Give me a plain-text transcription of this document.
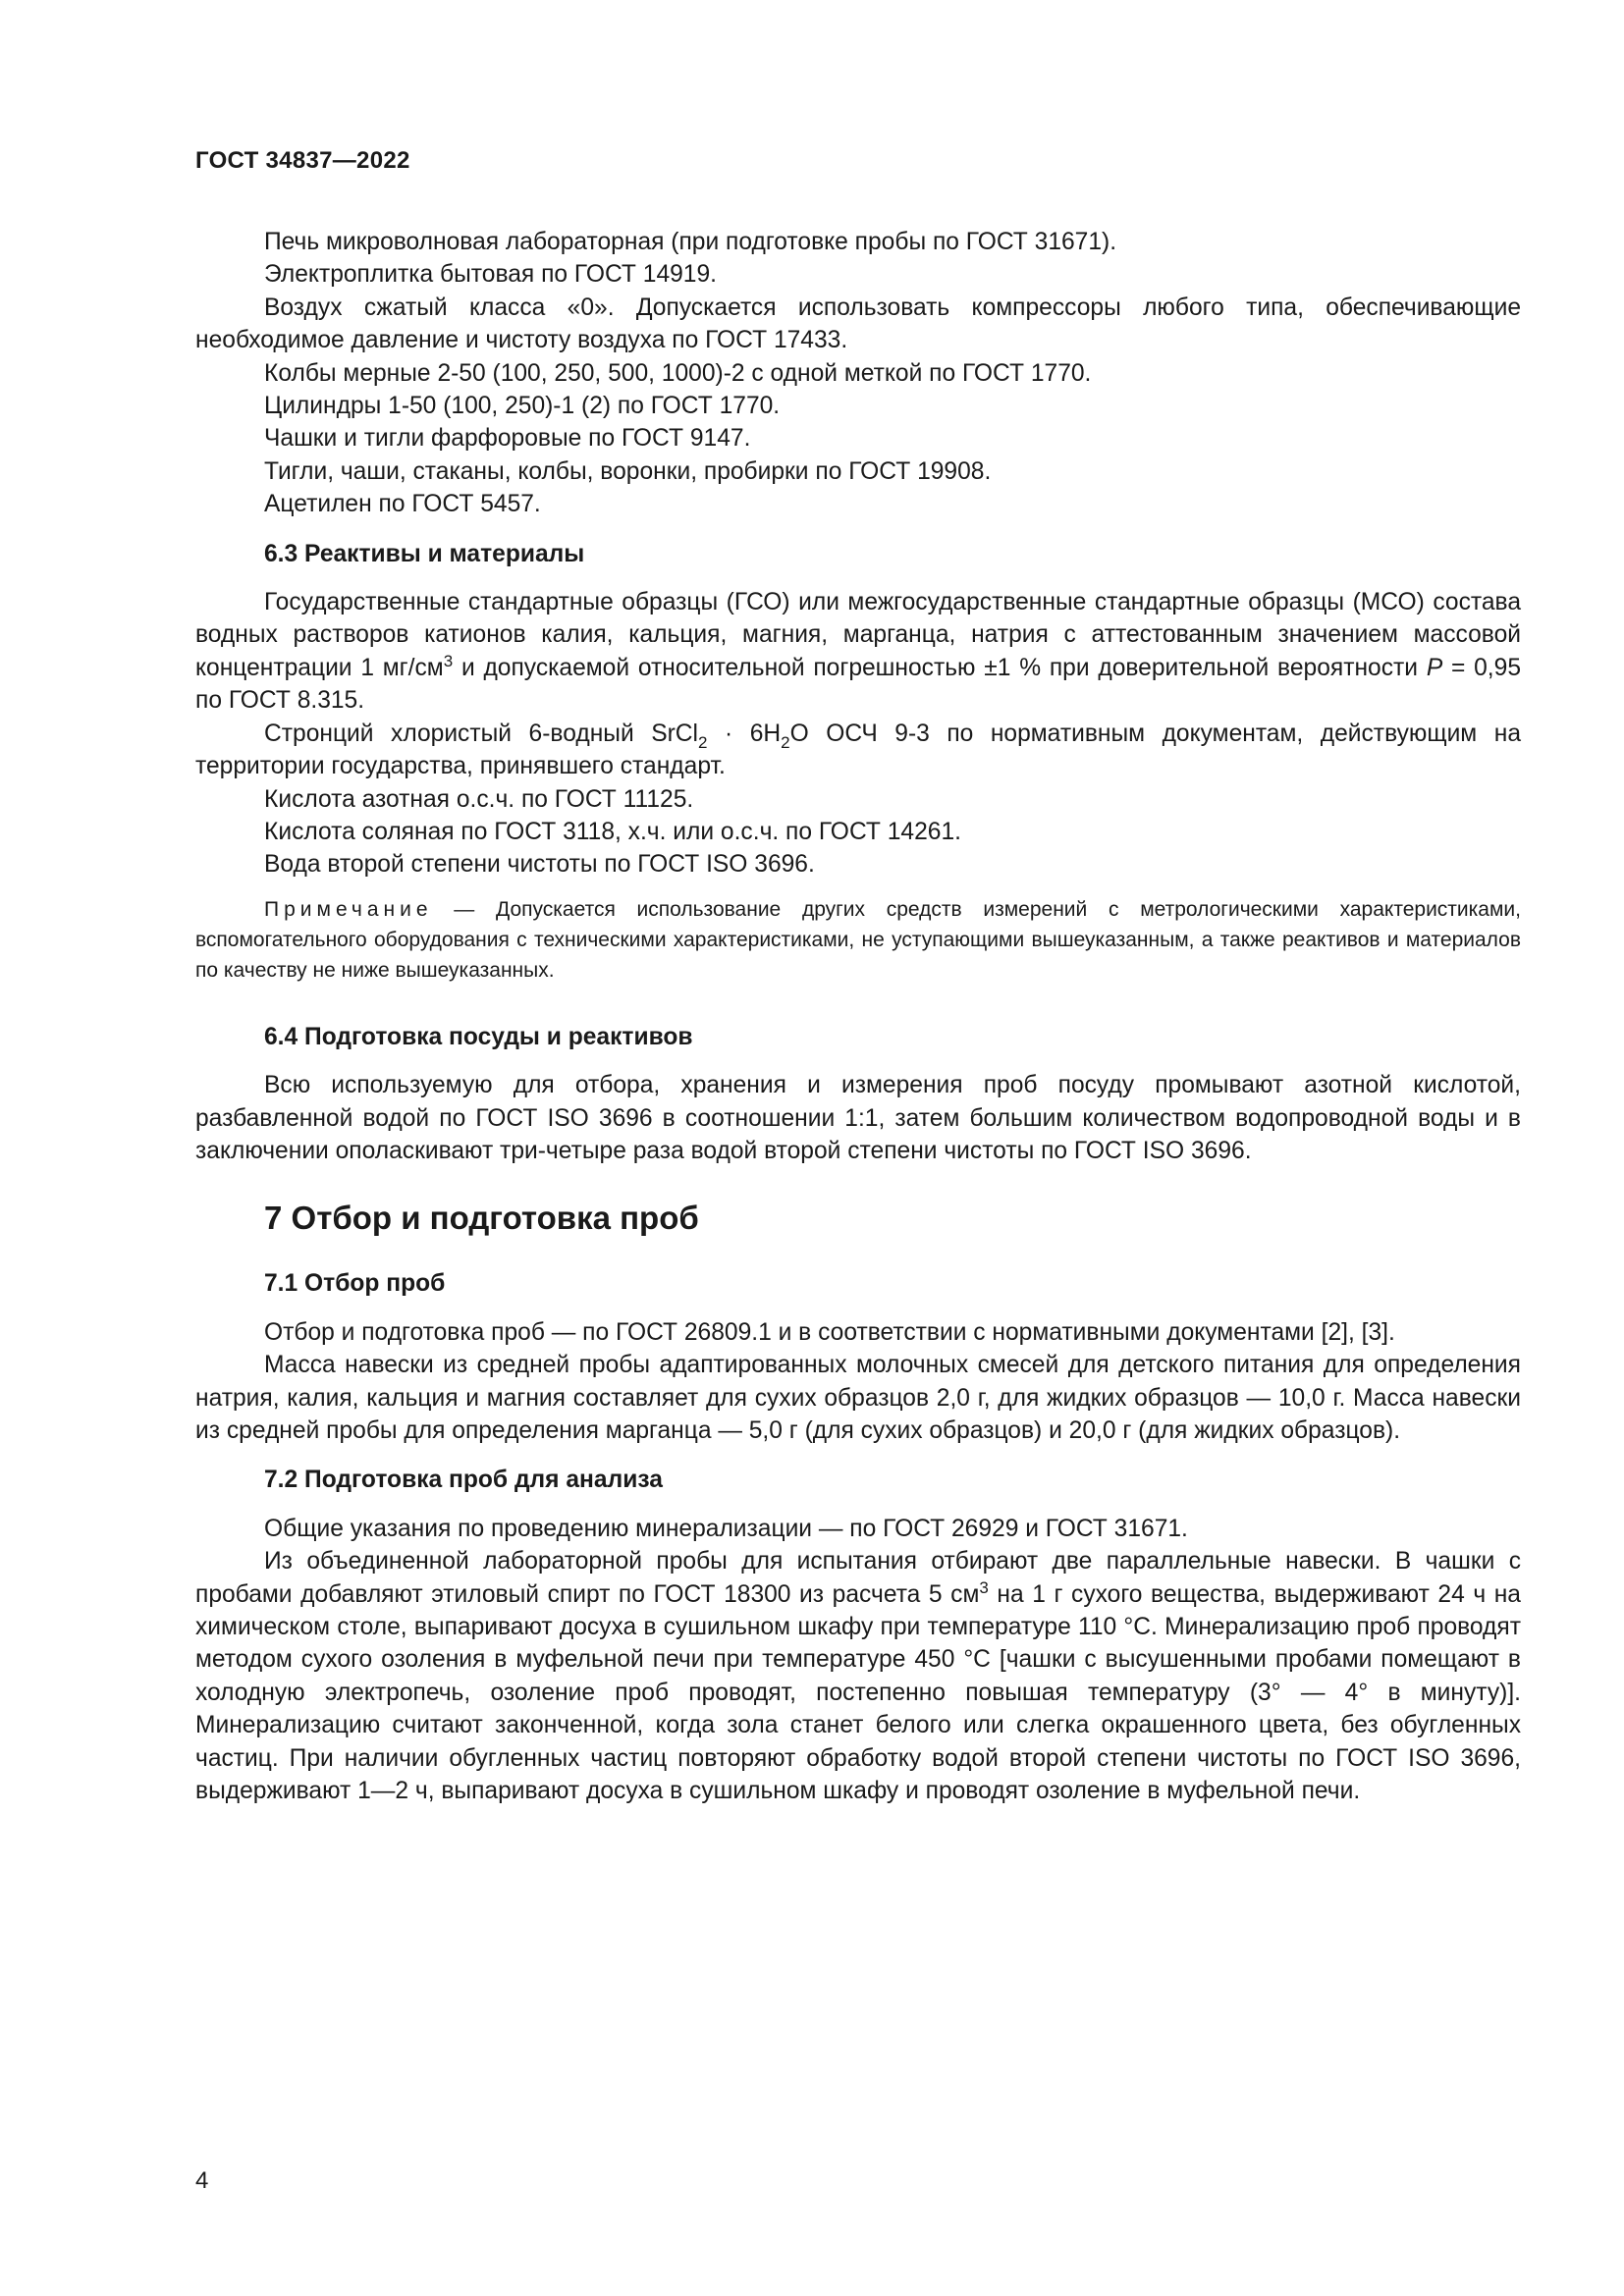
ГОСТ 34837—2022

Печь микроволновая лабораторная (при подготовке пробы по ГОСТ 31671).

Электроплитка бытовая по ГОСТ 14919.

Воздух сжатый класса «0». Допускается использовать компрессоры любого типа, обеспечивающие необходимое давление и чистоту воздуха по ГОСТ 17433.

Колбы мерные 2-50 (100, 250, 500, 1000)-2 с одной меткой по ГОСТ 1770.

Цилиндры 1-50 (100, 250)-1 (2) по ГОСТ 1770.

Чашки и тигли фарфоровые по ГОСТ 9147.

Тигли, чаши, стаканы, колбы, воронки, пробирки по ГОСТ 19908.

Ацетилен по ГОСТ 5457.

6.3 Реактивы и материалы

Государственные стандартные образцы (ГСО) или межгосударственные стандартные образцы (МСО) состава водных растворов катионов калия, кальция, магния, марганца, натрия с аттестованным значением массовой концентрации 1 $мг/см^3$ и допускаемой относительной погрешностью ±1 % при доверительной вероятности P = 0,95 по ГОСТ 8.315.

Стронций хлористый 6-водный SrCl$_2$ · $6H_2O$ ОСЧ 9-3 по нормативным документам, действующим на территории государства, принявшего стандарт.

Кислота азотная о.с.ч. по ГОСТ 11125.

Кислота соляная по ГОСТ 3118, х.ч. или о.с.ч. по ГОСТ 14261.

Вода второй степени чистоты по ГОСТ ISO 3696.

Примечание — Допускается использование других средств измерений с метрологическими характеристиками, вспомогательного оборудования с техническими характеристиками, не уступающими вышеуказанным, а также реактивов и материалов по качеству не ниже вышеуказанных.
6.4 Подготовка посуды и реактивов

Всю используемую для отбора, хранения и измерения проб посуду промывают азотной кислотой, разбавленной водой по ГОСТ ISO 3696 в соотношении 1:1, затем большим количеством водопроводной воды и в заключении ополаскивают три-четыре раза водой второй степени чистоты по ГОСТ ISO 3696.

7 Отбор и подготовка проб
7.1 Отбор проб

Отбор и подготовка проб — по ГОСТ 26809.1 и в соответствии с нормативными документами [2], [3].

Масса навески из средней пробы адаптированных молочных смесей для детского питания для определения натрия, калия, кальция и магния составляет для сухих образцов 2,0 г, для жидких образцов — 10,0 г. Масса навески из средней пробы для определения марганца — 5,0 г (для сухих образцов) и 20,0 г (для жидких образцов).

7.2 Подготовка проб для анализа

Общие указания по проведению минерализации — по ГОСТ 26929 и ГОСТ 31671.

Из объединенной лабораторной пробы для испытания отбирают две параллельные навески. В чашки с пробами добавляют этиловый спирт по ГОСТ 18300 из расчета 5 $см^3$ на 1 г сухого вещества, выдерживают 24 ч на химическом столе, выпаривают досуха в сушильном шкафу при температуре 110 °С. Минерализацию проб проводят методом сухого озоления в муфельной печи при температуре 450 °С [чашки с высушенными пробами помещают в холодную электропечь, озоление проб проводят, постепенно повышая температуру (3° — 4° в минуту)]. Минерализацию считают законченной, когда зола станет белого или слегка окрашенного цвета, без обугленных частиц. При наличии обугленных частиц повторяют обработку водой второй степени чистоты по ГОСТ ISO 3696, выдерживают 1—2 ч, выпаривают досуха в сушильном шкафу и проводят озоление в муфельной печи.

4
